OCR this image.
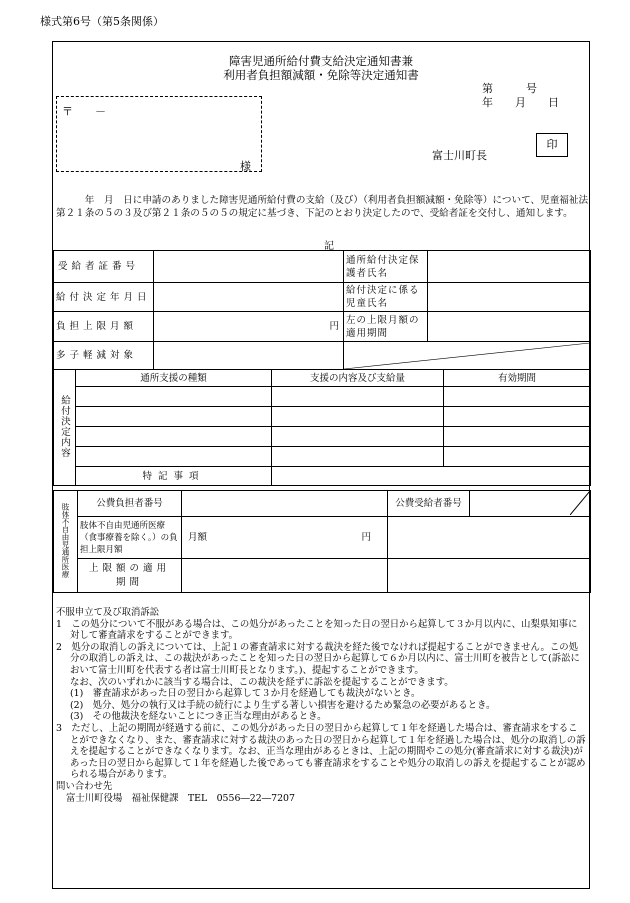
様式第6号（第5条関係）
障害児通所給付費支給決定通知書兼
利用者負担額減額・免除等決定通知書
第　　　号
年　　月　　日
〒　　－
様
富士川町長
印
　　　年　月　日に申請のありました障害児通所給付費の支給（及び）（利用者負担額減額・免除等）について、児童福祉法第２１条の５の３及び第２１条の５の５の規定に基づき、下記のとおり決定したので、受給者証を交付し、通知します。
記
受給者証番号				通所給付決定保護者氏名		
給付決定年月日				給付決定に係る児童氏名		
負担上限月額		円		左の上限月額の適用期間		
多子軽減対象		

給付決定内容	通所支援の種類		支援の内容及び支給量			有効期間

	特記事項					
肢体不自由児通所医療	公費負担者番号		公費受給者番号	

	肢体不自由児通所医療（食事療養を除く。）の負担上限月額	月額 円		

	上限額の適用期間			

不服申立て及び取消訴訟

1　この処分について不服がある場合は、この処分があったことを知った日の翌日から起算して３か月以内に、山梨県知事に対して審査請求をすることができます。

2　処分の取消しの訴えについては、上記１の審査請求に対する裁決を経た後でなければ提起することができません。この処分の取消しの訴えは、この裁決があったことを知った日の翌日から起算して６か月以内に、富士川町を被告として(訴訟において富士川町を代表する者は富士川町長となります。)、提起することができます。

なお、次のいずれかに該当する場合は、この裁決を経ずに訴訟を提起することができます。

(1)　審査請求があった日の翌日から起算して３か月を経過しても裁決がないとき。

(2)　処分、処分の執行又は手続の続行により生ずる著しい損害を避けるため緊急の必要があるとき。

(3)　その他裁決を経ないことにつき正当な理由があるとき。

3　ただし、上記の期間が経過する前に、この処分があった日の翌日から起算して１年を経過した場合は、審査請求をすることができなくなり、また、審査請求に対する裁決のあった日の翌日から起算して１年を経過した場合は、処分の取消しの訴えを提起することができなくなります。なお、正当な理由があるときは、上記の期間やこの処分(審査請求に対する裁決)があった日の翌日から起算して１年を経過した後であっても審査請求をすることや処分の取消しの訴えを提起することが認められる場合があります。

問い合わせ先

富士川町役場　福祉保健課　TEL　0556―22―7207
